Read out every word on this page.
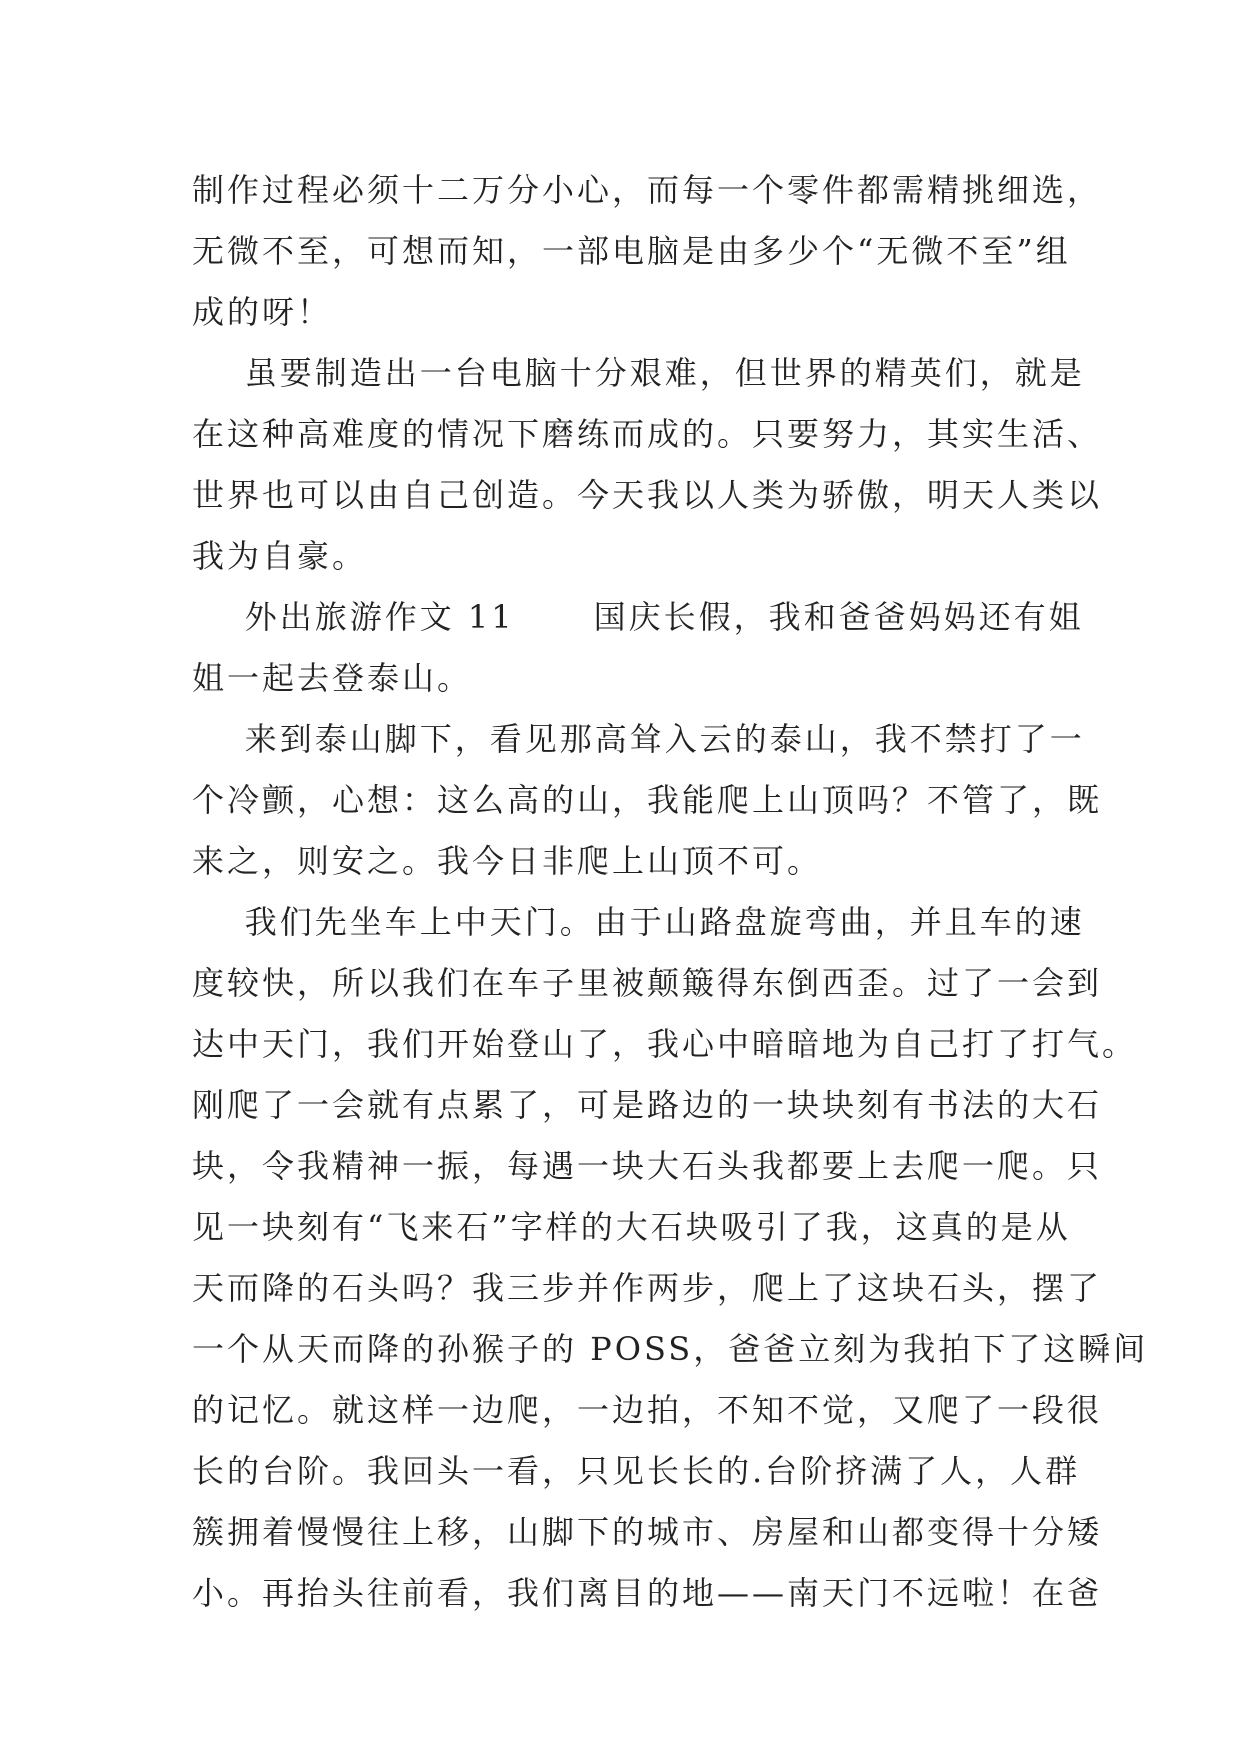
制作过程必须十二万分小心，而每一个零件都需精挑细选，
无微不至，可想而知，一部电脑是由多少个“无微不至”组
成的呀！
虽要制造出一台电脑十分艰难，但世界的精英们，就是
在这种高难度的情况下磨练而成的。只要努力，其实生活、
世界也可以由自己创造。今天我以人类为骄傲，明天人类以
我为自豪。
外出旅游作文 11      国庆长假，我和爸爸妈妈还有姐
姐一起去登泰山。
来到泰山脚下，看见那高耸入云的泰山，我不禁打了一
个冷颤，心想：这么高的山，我能爬上山顶吗？不管了，既
来之，则安之。我今日非爬上山顶不可。
我们先坐车上中天门。由于山路盘旋弯曲，并且车的速
度较快，所以我们在车子里被颠簸得东倒西歪。过了一会到
达中天门，我们开始登山了，我心中暗暗地为自己打了打气。
刚爬了一会就有点累了，可是路边的一块块刻有书法的大石
块，令我精神一振，每遇一块大石头我都要上去爬一爬。只
见一块刻有“飞来石”字样的大石块吸引了我，这真的是从
天而降的石头吗？我三步并作两步，爬上了这块石头，摆了
一个从天而降的孙猴子的 POSS，爸爸立刻为我拍下了这瞬间
的记忆。就这样一边爬，一边拍，不知不觉，又爬了一段很
长的台阶。我回头一看，只见长长的.台阶挤满了人，人群
簇拥着慢慢往上移，山脚下的城市、房屋和山都变得十分矮
小。再抬头往前看，我们离目的地——南天门不远啦！在爸
